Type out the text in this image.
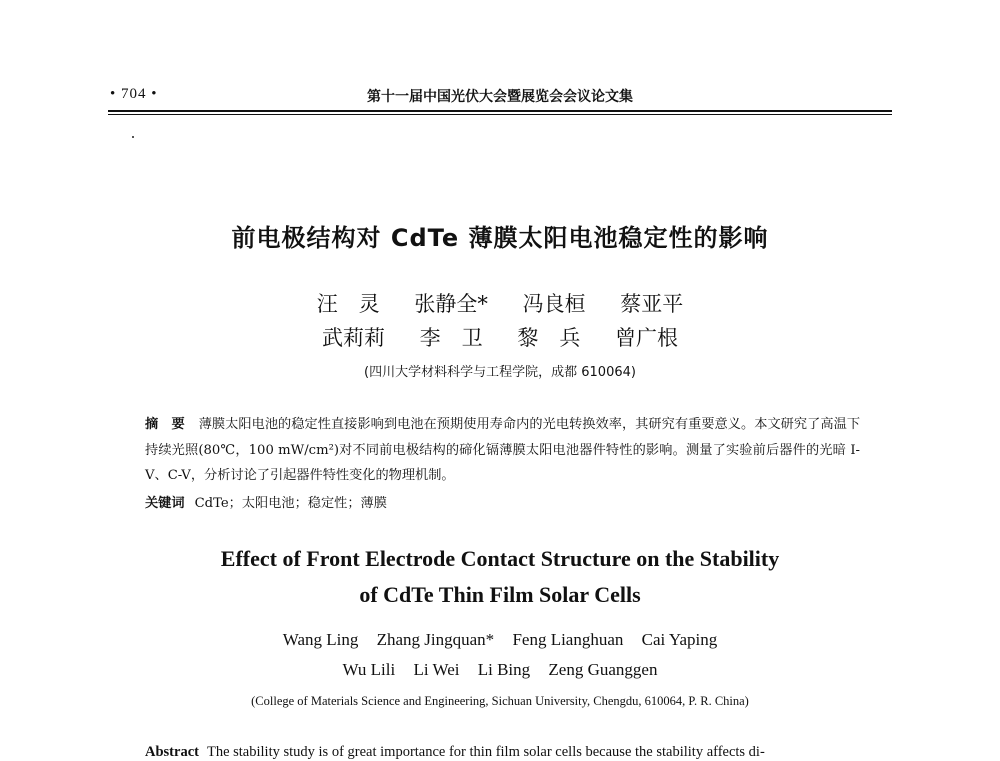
• 704 •	第十一届中国光伏大会暨展览会会议论文集
前电极结构对 CdTe 薄膜太阳电池稳定性的影响
汪　灵 张静全* 冯良桓 蔡亚平
武莉莉 李　卫 黎　兵 曾广根
(四川大学材料科学与工程学院，成都 610064)
摘　要 薄膜太阳电池的稳定性直接影响到电池在预期使用寿命内的光电转换效率，其研究有重要意义。本文研究了高温下持续光照(80℃，100 mW/cm²)对不同前电极结构的碲化镉薄膜太阳电池器件特性的影响。测量了实验前后器件的光暗 I-V、C-V，分析讨论了引起器件特性变化的物理机制。
关键词 CdTe；太阳电池；稳定性；薄膜
Effect of Front Electrode Contact Structure on the Stability
of CdTe Thin Film Solar Cells
Wang Ling Zhang Jingquan* Feng Lianghuan Cai Yaping
Wu Lili Li Wei Li Bing Zeng Guanggen
(College of Materials Science and Engineering, Sichuan University, Chengdu, 610064, P. R. China)
Abstract The stability study is of great importance for thin film solar cells because the stability affects di-
